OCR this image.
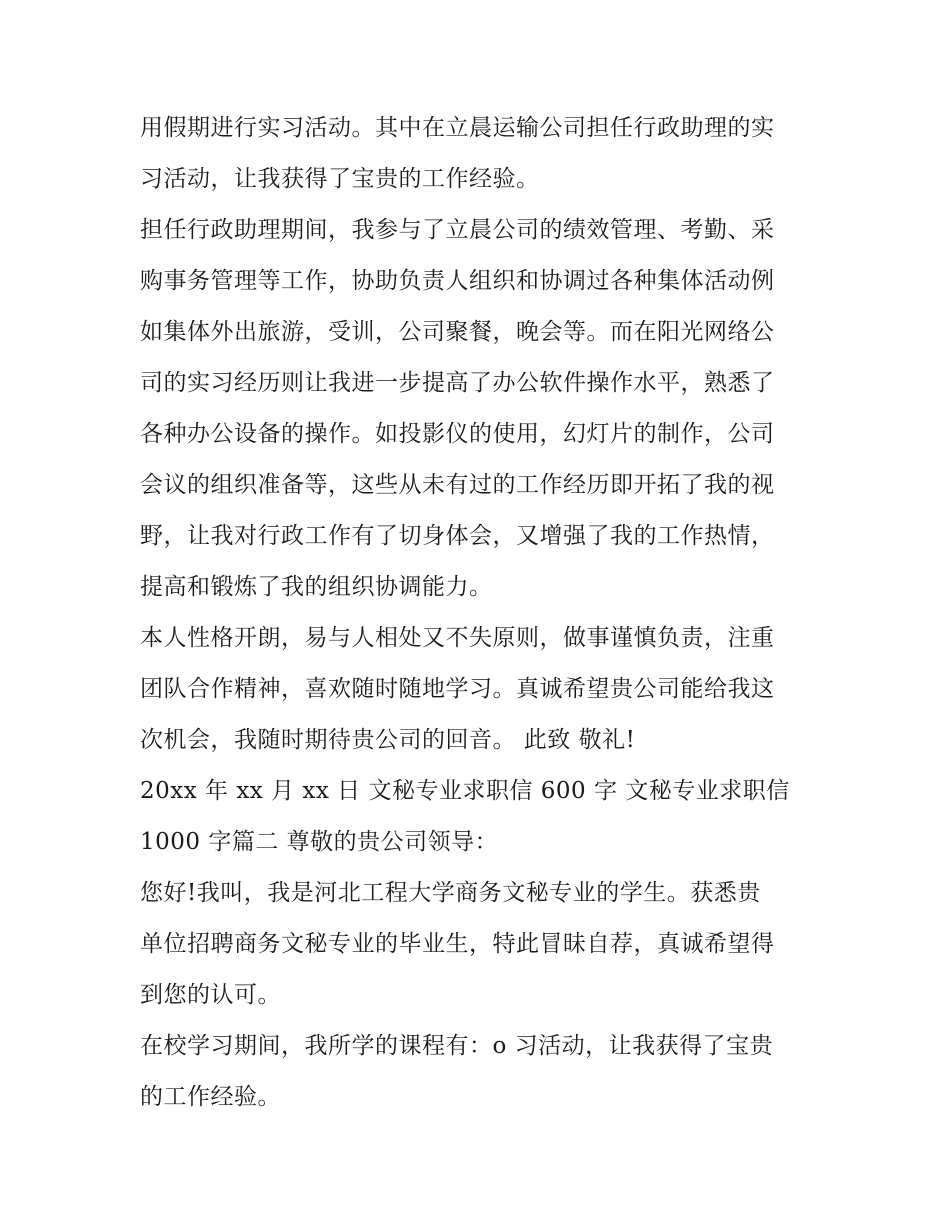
用假期进行实习活动。其中在立晨运输公司担任行政助理的实
习活动，让我获得了宝贵的工作经验。
担任行政助理期间，我参与了立晨公司的绩效管理、考勤、采
购事务管理等工作，协助负责人组织和协调过各种集体活动例
如集体外出旅游，受训，公司聚餐，晚会等。而在阳光网络公
司的实习经历则让我进一步提高了办公软件操作水平，熟悉了
各种办公设备的操作。如投影仪的使用，幻灯片的制作，公司
会议的组织准备等，这些从未有过的工作经历即开拓了我的视
野，让我对行政工作有了切身体会，又增强了我的工作热情，
提高和锻炼了我的组织协调能力。
本人性格开朗，易与人相处又不失原则，做事谨慎负责，注重
团队合作精神，喜欢随时随地学习。真诚希望贵公司能给我这
次机会，我随时期待贵公司的回音。 此致 敬礼!
20xx 年 xx 月 xx 日 文秘专业求职信 600 字 文秘专业求职信
1000 字篇二 尊敬的贵公司领导：
您好!我叫，我是河北工程大学商务文秘专业的学生。获悉贵
单位招聘商务文秘专业的毕业生，特此冒昧自荐，真诚希望得
到您的认可。
在校学习期间，我所学的课程有：o 习活动，让我获得了宝贵
的工作经验。
